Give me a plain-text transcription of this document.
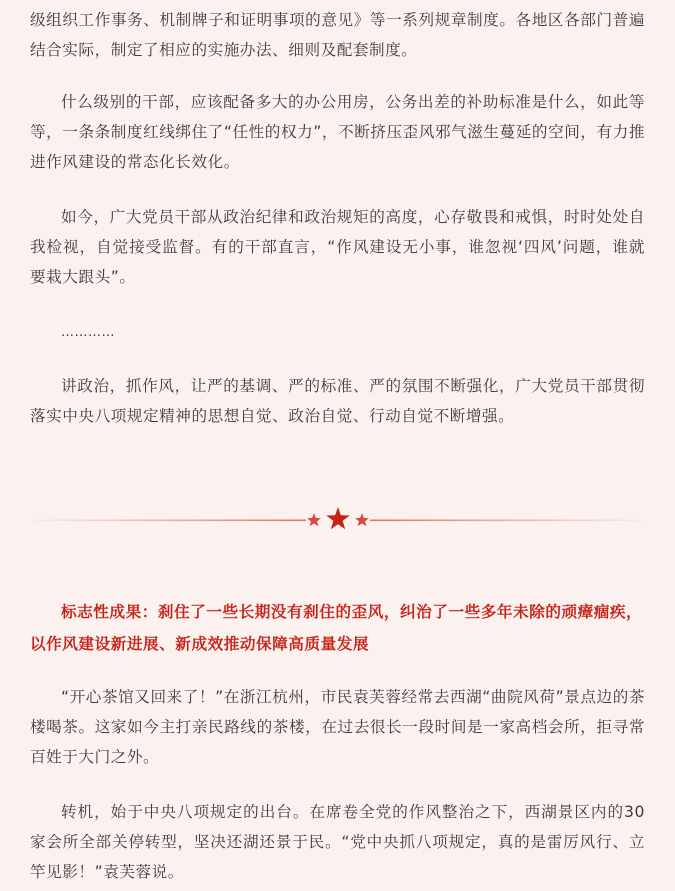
级组织工作事务、机制牌子和证明事项的意见》等一系列规章制度。各地区各部门普遍结合实际，制定了相应的实施办法、细则及配套制度。

什么级别的干部，应该配备多大的办公用房，公务出差的补助标准是什么，如此等等，一条条制度红线绑住了“任性的权力”，不断挤压歪风邪气滋生蔓延的空间，有力推进作风建设的常态化长效化。

如今，广大党员干部从政治纪律和政治规矩的高度，心存敬畏和戒惧，时时处处自我检视，自觉接受监督。有的干部直言，“作风建设无小事，谁忽视‘四风’问题，谁就要栽大跟头”。

…………

讲政治，抓作风，让严的基调、严的标准、严的氛围不断强化，广大党员干部贯彻落实中央八项规定精神的思想自觉、政治自觉、行动自觉不断增强。

标志性成果：刹住了一些长期没有刹住的歪风，纠治了一些多年未除的顽瘴痼疾，以作风建设新进展、新成效推动保障高质量发展

“开心茶馆又回来了！”在浙江杭州，市民袁芙蓉经常去西湖“曲院风荷”景点边的茶楼喝茶。这家如今主打亲民路线的茶楼，在过去很长一段时间是一家高档会所，拒寻常百姓于大门之外。

转机，始于中央八项规定的出台。在席卷全党的作风整治之下，西湖景区内的30家会所全部关停转型，坚决还湖还景于民。“党中央抓八项规定，真的是雷厉风行、立竿见影！”袁芙蓉说。
